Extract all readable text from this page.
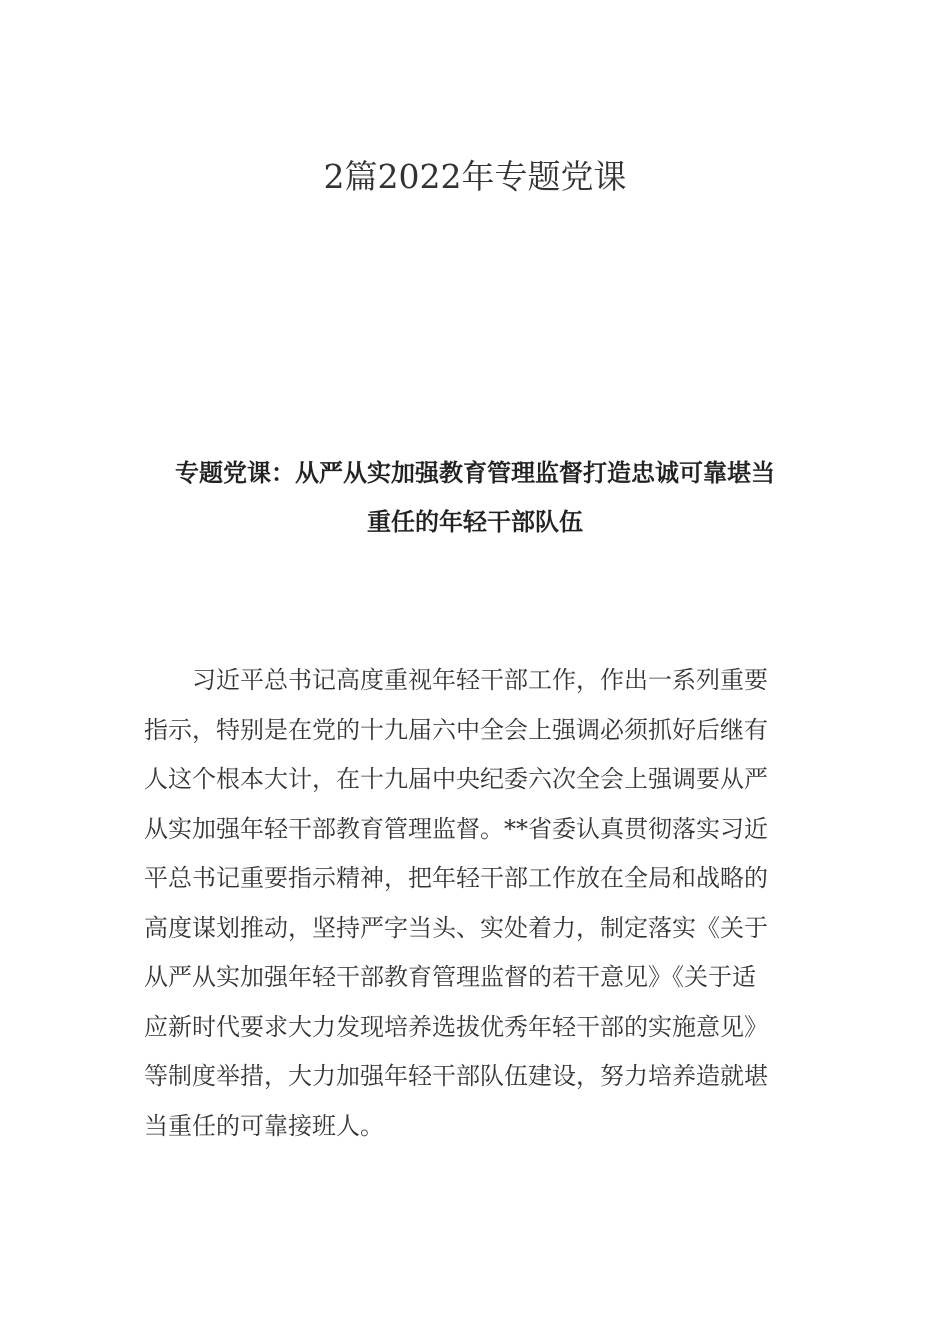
2篇2022年专题党课
专题党课：从严从实加强教育管理监督打造忠诚可靠堪当
重任的年轻干部队伍

习近平总书记高度重视年轻干部工作，作出一系列重要
指示，特别是在党的十九届六中全会上强调必须抓好后继有
人这个根本大计，在十九届中央纪委六次全会上强调要从严
从实加强年轻干部教育管理监督。**省委认真贯彻落实习近
平总书记重要指示精神，把年轻干部工作放在全局和战略的
高度谋划推动，坚持严字当头、实处着力，制定落实《关于
从严从实加强年轻干部教育管理监督的若干意见》《关于适
应新时代要求大力发现培养选拔优秀年轻干部的实施意见》
等制度举措，大力加强年轻干部队伍建设，努力培养造就堪
当重任的可靠接班人。
